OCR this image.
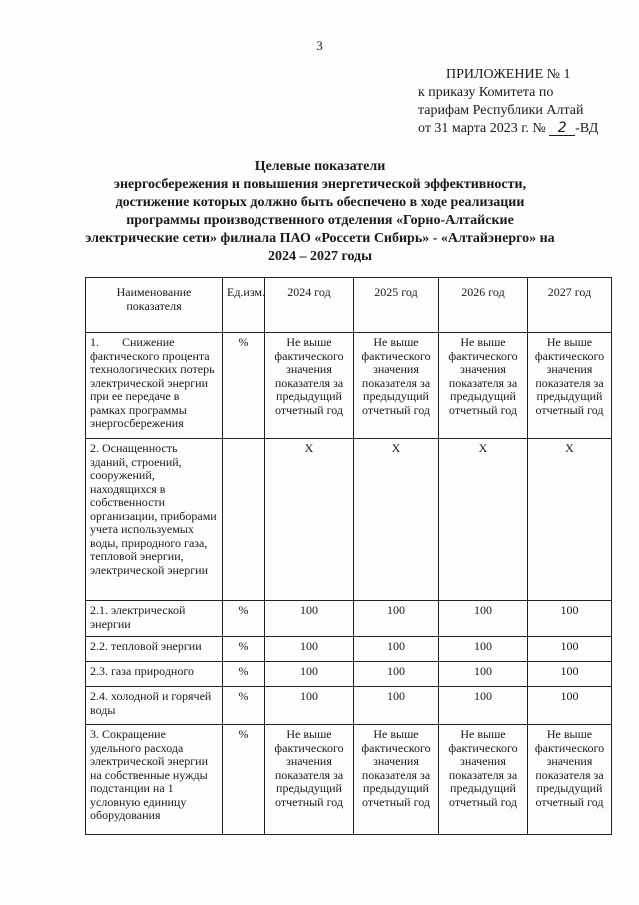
3
ПРИЛОЖЕНИЕ № 1
к приказу Комитета по
тарифам Республики Алтай
от 31 марта 2023 г. № 2 -ВД
Целевые показатели
энергосбережения и повышения энергетической эффективности,
достижение которых должно быть обеспечено в ходе реализации
программы производственного отделения «Горно-Алтайские
электрические сети» филиала ПАО «Россети Сибирь» - «Алтайэнерго» на
2024 – 2027 годы
Наименование показателя	Ед.изм.	2024 год	2025 год	2026 год	2027 год
1. Снижение фактического процента технологических потерь электрической энергии при ее передаче в рамках программы энергосбережения	%	Не выше фактического значения показателя за предыдущий отчетный год	Не выше фактического значения показателя за предыдущий отчетный год	Не выше фактического значения показателя за предыдущий отчетный год	Не выше фактического значения показателя за предыдущий отчетный год
2. Оснащенность зданий, строений, сооружений, находящихся в собственности организации, приборами учета используемых воды, природного газа, тепловой энергии, электрической энергии		Х	Х	Х	Х
2.1. электрической энергии	%	100	100	100	100
2.2. тепловой энергии	%	100	100	100	100
2.3. газа природного	%	100	100	100	100
2.4. холодной и горячей воды	%	100	100	100	100
3. Сокращение удельного расхода электрической энергии на собственные нужды подстанции на 1 условную единицу оборудования	%	Не выше фактического значения показателя за предыдущий отчетный год	Не выше фактического значения показателя за предыдущий отчетный год	Не выше фактического значения показателя за предыдущий отчетный год	Не выше фактического значения показателя за предыдущий отчетный год
